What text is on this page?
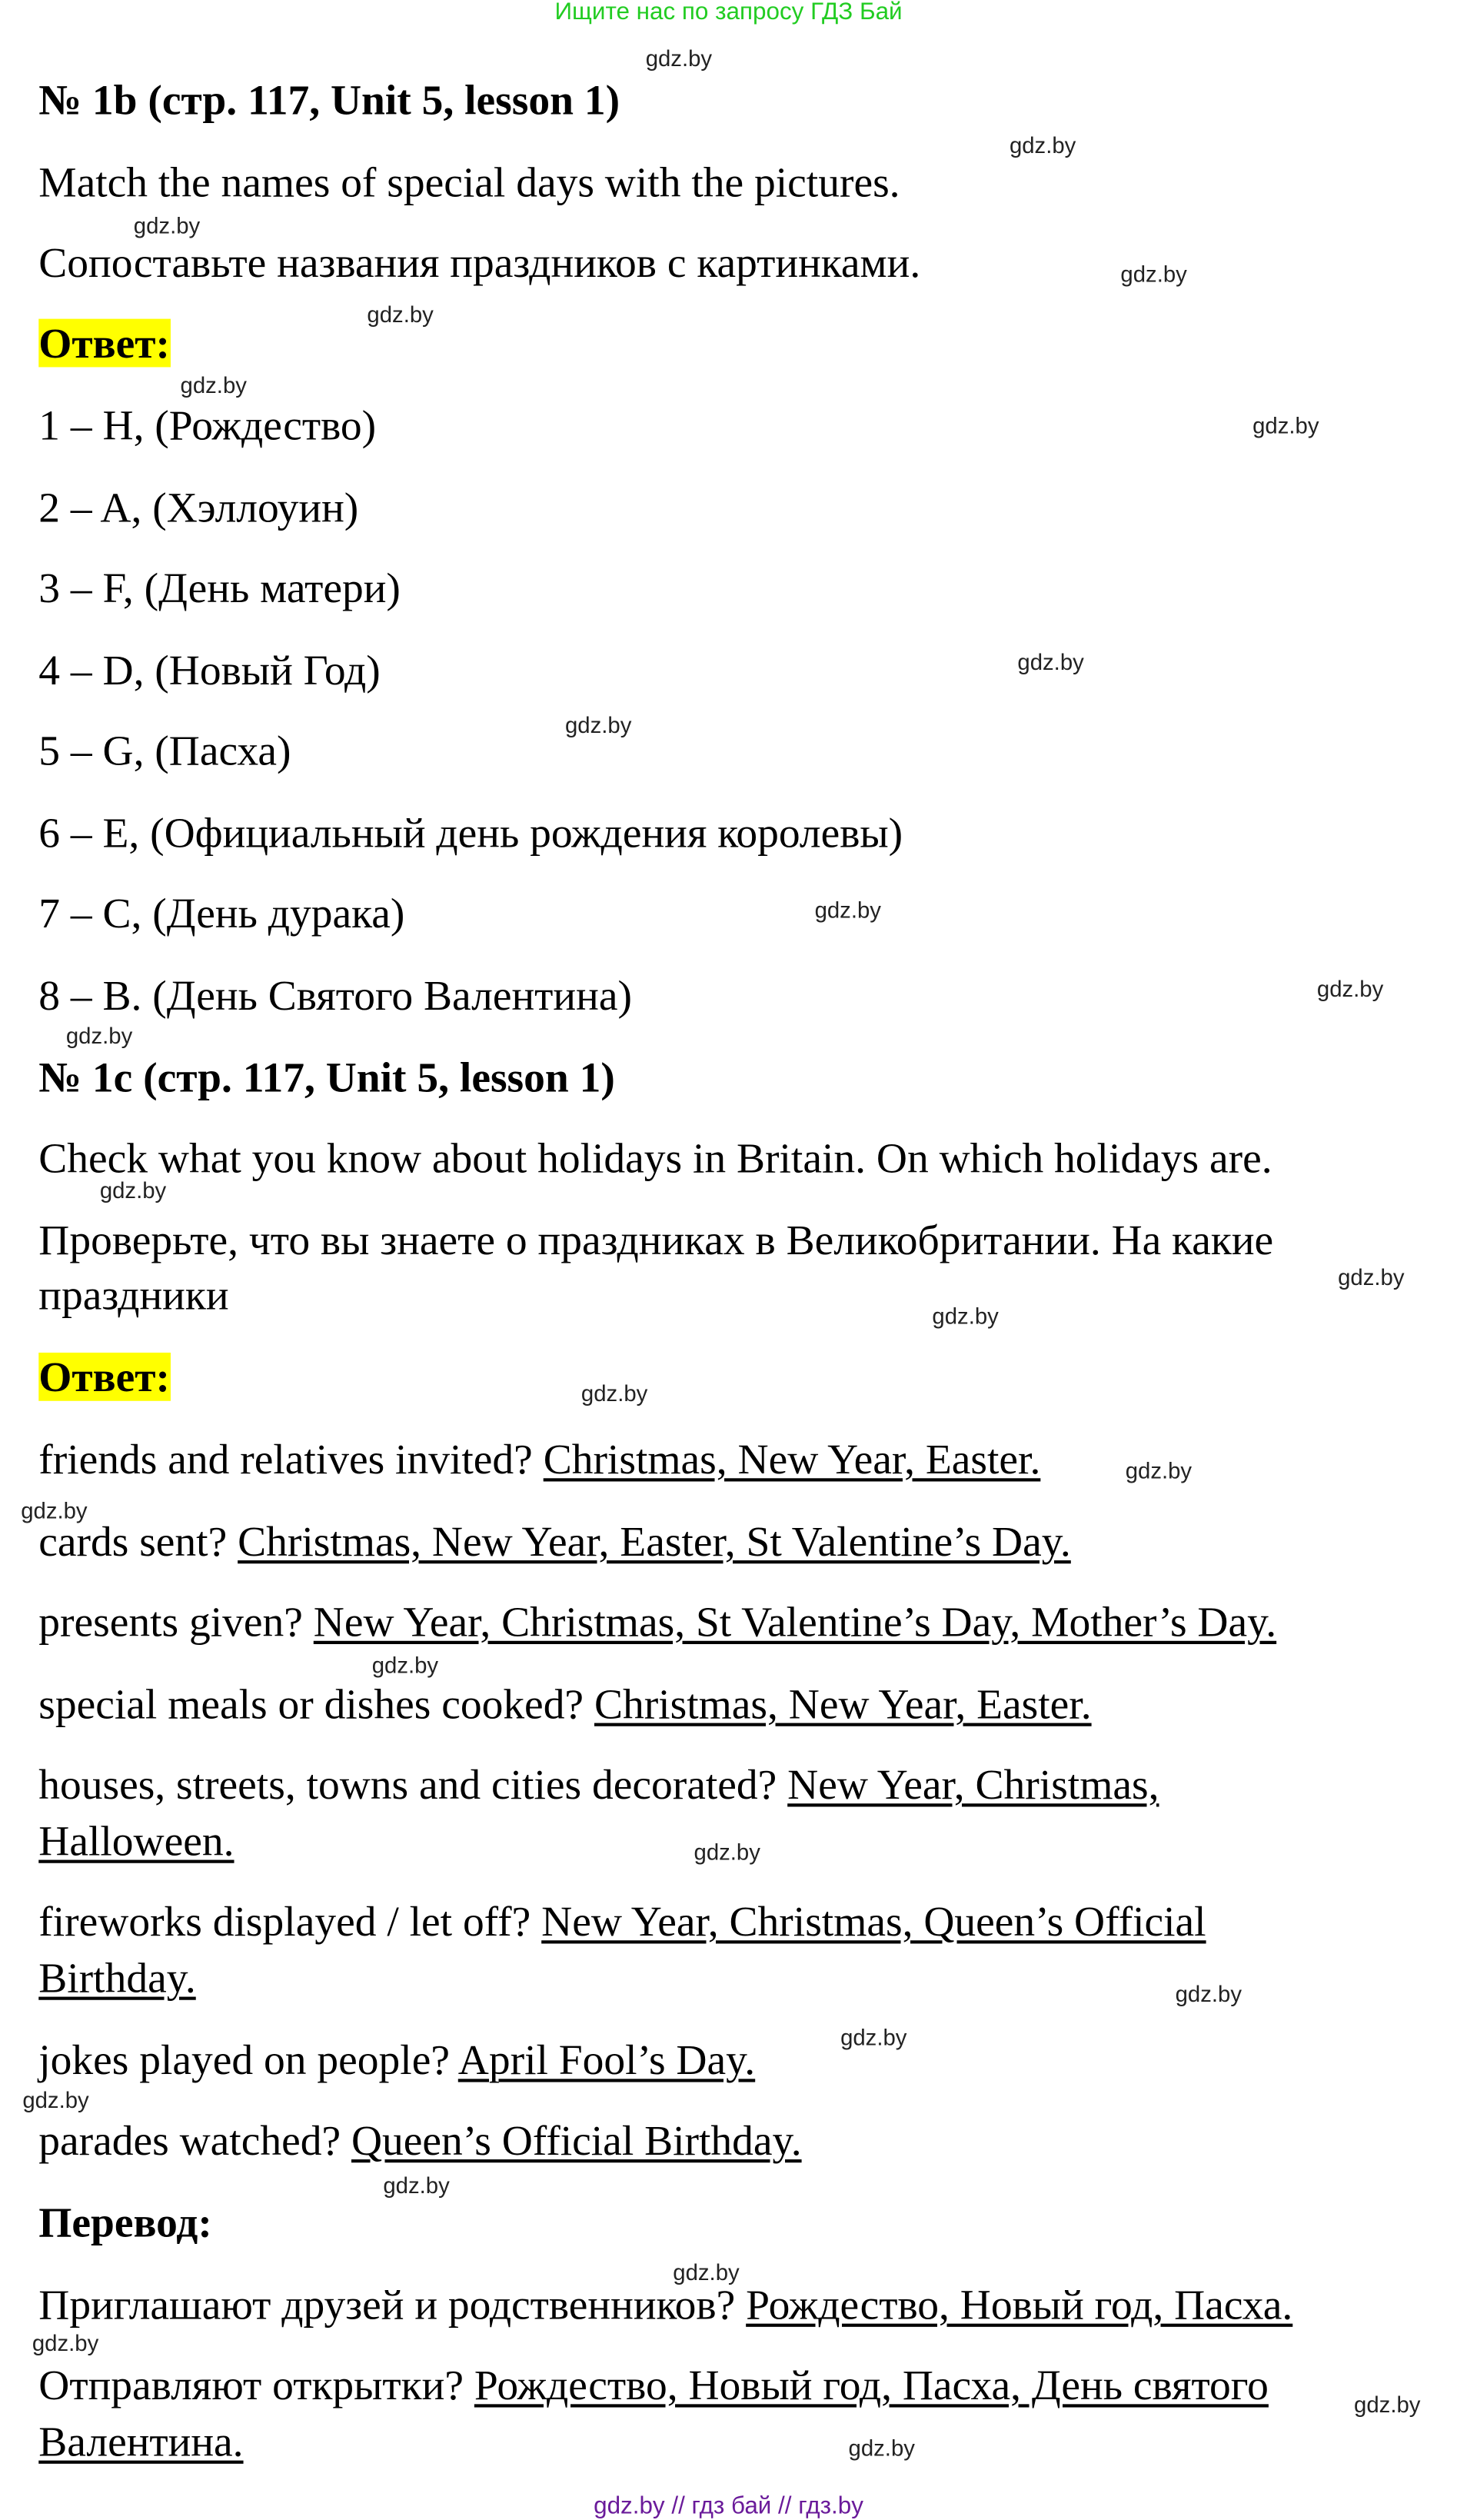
Ищите нас по запросу ГДЗ Бай
№ 1b (стр. 117, Unit 5, lesson 1)
Match the names of special days with the pictures.
Сопоставьте названия праздников с картинками.
Ответ:
1 – H, (Рождество)
2 – A, (Хэллоуин)
3 – F, (День матери)
4 – D, (Новый Год)
5 – G, (Пасха)
6 – E, (Официальный день рождения королевы)
7 – C, (День дурака)
8 – B. (День Святого Валентина)
№ 1c (стр. 117, Unit 5, lesson 1)
Check what you know about holidays in Britain. On which holidays are.
Проверьте, что вы знаете о праздниках в Великобритании. На какие
праздники
Ответ:
friends and relatives invited? Christmas, New Year, Easter.
cards sent? Christmas, New Year, Easter, St Valentine’s Day.
presents given? New Year, Christmas, St Valentine’s Day, Mother’s Day.
special meals or dishes cooked? Christmas, New Year, Easter.
houses, streets, towns and cities decorated? New Year, Christmas,
Halloween.
fireworks displayed / let off? New Year, Christmas, Queen’s Official
Birthday.
jokes played on people? April Fool’s Day.
parades watched? Queen’s Official Birthday.
Перевод:
Приглашают друзей и родственников? Рождество, Новый год, Пасха.
Отправляют открытки? Рождество, Новый год, Пасха, День святого
Валентина.
gdz.by
gdz.by
gdz.by
gdz.by
gdz.by
gdz.by
gdz.by
gdz.by
gdz.by
gdz.by
gdz.by
gdz.by
gdz.by
gdz.by
gdz.by
gdz.by
gdz.by
gdz.by
gdz.by
gdz.by
gdz.by
gdz.by
gdz.by
gdz.by
gdz.by
gdz.by
gdz.by
gdz.by
gdz.by // гдз бай // гдз.by
